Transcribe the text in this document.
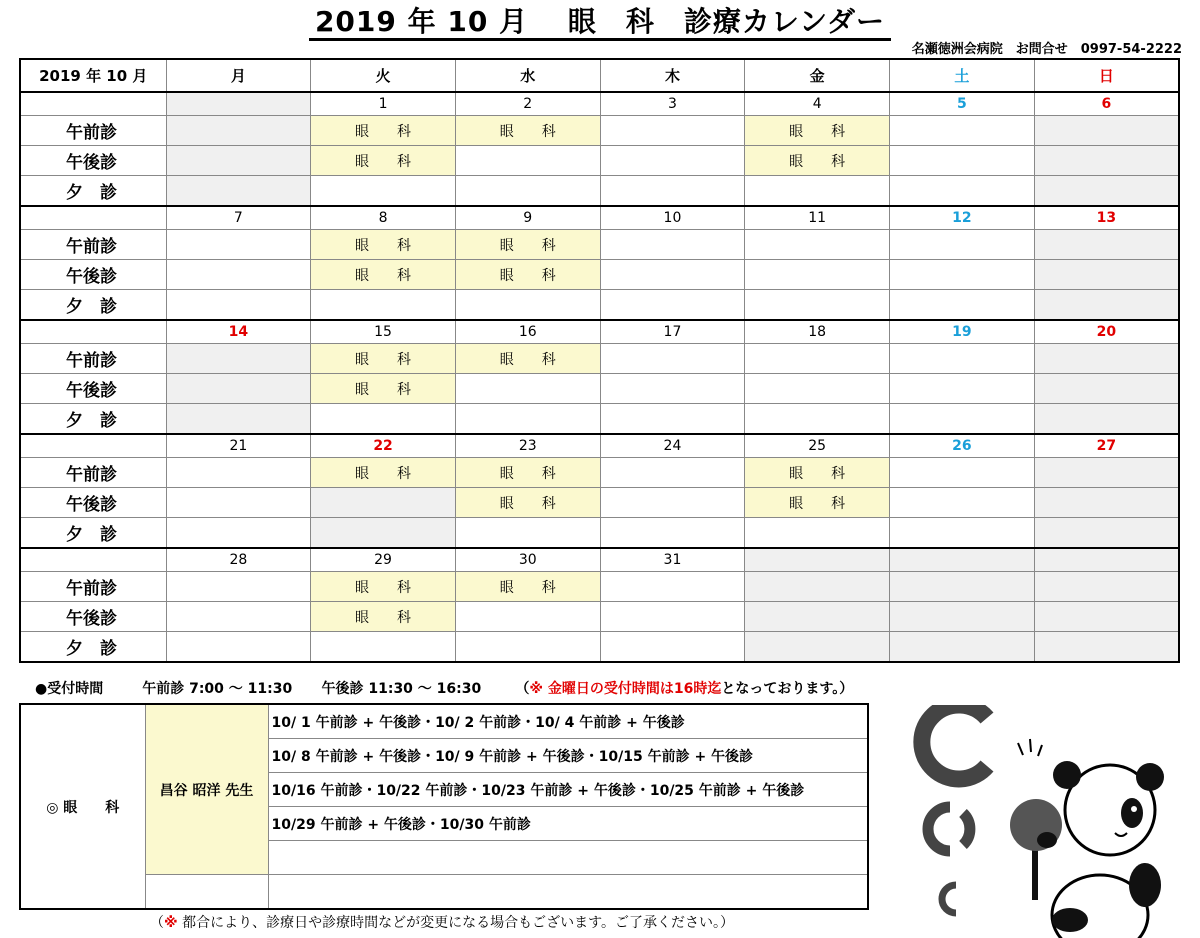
2019 年 10 月　 眼　科　診療カレンダー
名瀬徳洲会病院　お問合せ　0997-54-2222
2019 年 10 月	月	火	水	木	金	土	日
		1	2	3	4	5	6
午前診		眼　　科	眼　　科		眼　　科		
午後診		眼　　科			眼　　科		
夕　診							
	7	8	9	10	11	12	13
午前診		眼　　科	眼　　科				
午後診		眼　　科	眼　　科				
夕　診							
	14	15	16	17	18	19	20
午前診		眼　　科	眼　　科				
午後診		眼　　科					
夕　診							
	21	22	23	24	25	26	27
午前診		眼　　科	眼　　科		眼　　科		
午後診			眼　　科		眼　　科		
夕　診							
	28	29	30	31			
午前診		眼　　科	眼　　科				
午後診		眼　　科					
夕　診							
●受付時間	午前診 7:00 ～ 11:30 午後診 11:30 ～ 16:30 （※ 金曜日の受付時間は16時迄となっております。）
◎ 眼　　科	昌谷 昭洋 先生	10/ 1 午前診 + 午後診・10/ 2 午前診・10/ 4 午前診 + 午後診
		10/ 8 午前診 + 午後診・10/ 9 午前診 + 午後診・10/15 午前診 + 午後診
		10/16 午前診・10/22 午前診・10/23 午前診 + 午後診・10/25 午前診 + 午後診
		10/29 午前診 + 午後診・10/30 午前診

（※ 都合により、診療日や診療時間などが変更になる場合もございます。ご了承ください。）
